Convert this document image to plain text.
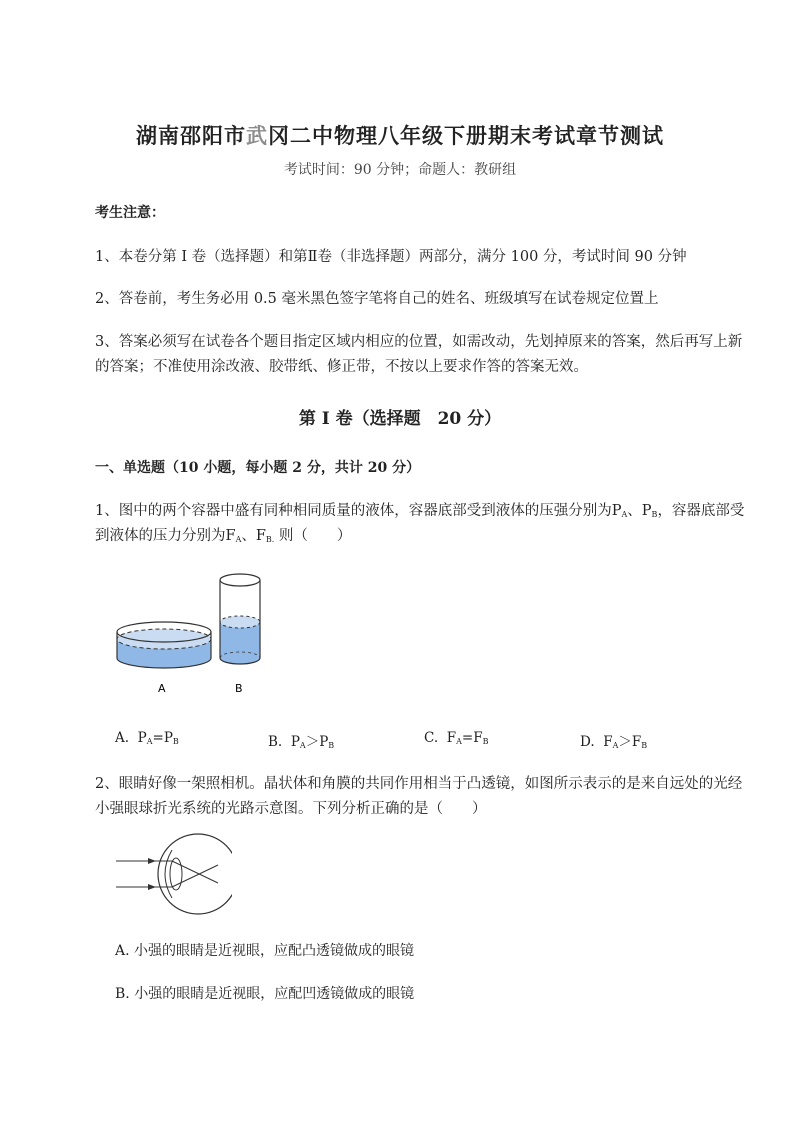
湖南邵阳市武冈二中物理八年级下册期末考试章节测试
考试时间：90 分钟；命题人：教研组
考生注意：
1、本卷分第 I 卷（选择题）和第Ⅱ卷（非选择题）两部分，满分 100 分，考试时间 90 分钟
2、答卷前，考生务必用 0.5 毫米黑色签字笔将自己的姓名、班级填写在试卷规定位置上
3、答案必须写在试卷各个题目指定区域内相应的位置，如需改动，先划掉原来的答案，然后再写上新
的答案；不准使用涂改液、胶带纸、修正带，不按以上要求作答的答案无效。
第 I 卷（选择题　20 分）
一、单选题（10 小题，每小题 2 分，共计 20 分）
1、图中的两个容器中盛有同种相同质量的液体，容器底部受到液体的压强分别为$P_A$、$P_B$，容器底部受
到液体的压力分别为$F_A$、$F_{B.}$ 则（　　）
A	B
A. $P_A=P_B$	B. $P_A>P_B$	C. $F_A=F_B$	D. $F_A>F_B$
2、眼睛好像一架照相机。晶状体和角膜的共同作用相当于凸透镜，如图所示表示的是来自远处的光经
小强眼球折光系统的光路示意图。下列分析正确的是（　　）
A. 小强的眼睛是近视眼，应配凸透镜做成的眼镜
B. 小强的眼睛是近视眼，应配凹透镜做成的眼镜
